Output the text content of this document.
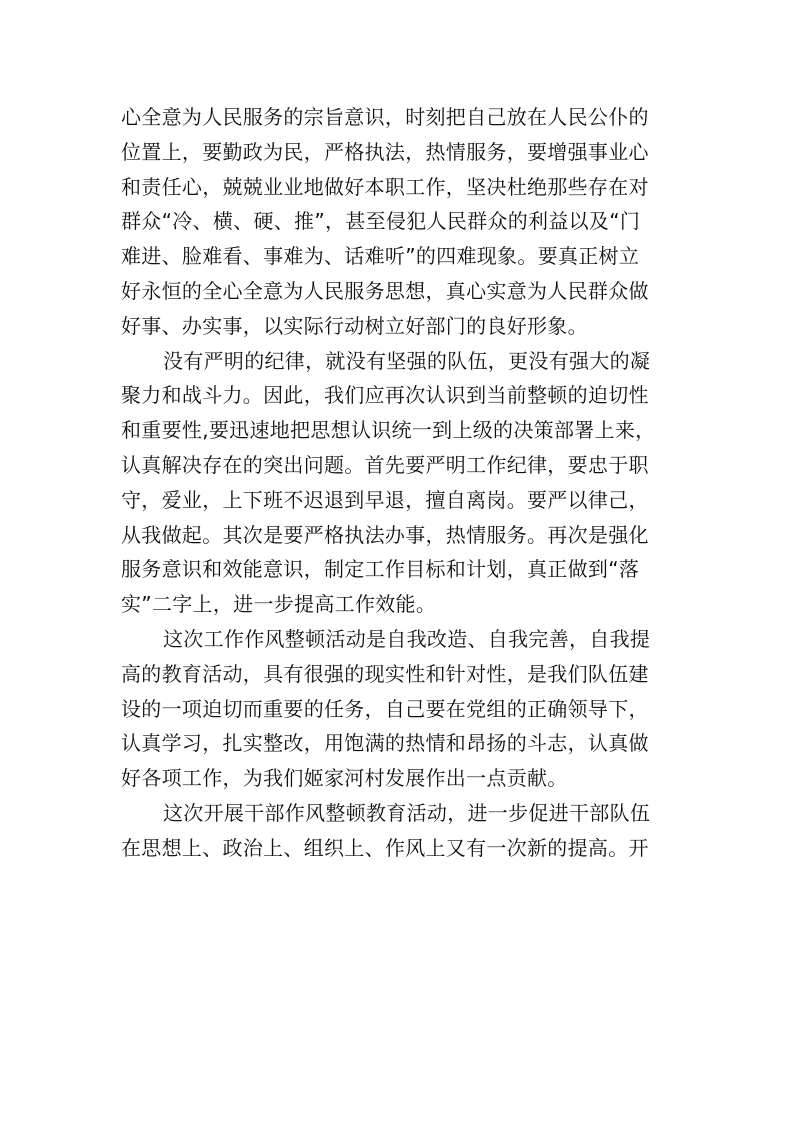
心全意为人民服务的宗旨意识，时刻把自己放在人民公仆的
位置上，要勤政为民，严格执法，热情服务，要增强事业心
和责任心，兢兢业业地做好本职工作，坚决杜绝那些存在对
群众“冷、横、硬、推”，甚至侵犯人民群众的利益以及“门
难进、脸难看、事难为、话难听”的四难现象。要真正树立
好永恒的全心全意为人民服务思想，真心实意为人民群众做
好事、办实事，以实际行动树立好部门的良好形象。
没有严明的纪律，就没有坚强的队伍，更没有强大的凝
聚力和战斗力。因此，我们应再次认识到当前整顿的迫切性
和重要性,要迅速地把思想认识统一到上级的决策部署上来，
认真解决存在的突出问题。首先要严明工作纪律，要忠于职
守，爱业，上下班不迟退到早退，擅自离岗。要严以律己，
从我做起。其次是要严格执法办事，热情服务。再次是强化
服务意识和效能意识，制定工作目标和计划，真正做到“落
实”二字上，进一步提高工作效能。
这次工作作风整顿活动是自我改造、自我完善，自我提
高的教育活动，具有很强的现实性和针对性，是我们队伍建
设的一项迫切而重要的任务，自己要在党组的正确领导下，
认真学习，扎实整改，用饱满的热情和昂扬的斗志，认真做
好各项工作，为我们姬家河村发展作出一点贡献。
这次开展干部作风整顿教育活动，进一步促进干部队伍
在思想上、政治上、组织上、作风上又有一次新的提高。开
